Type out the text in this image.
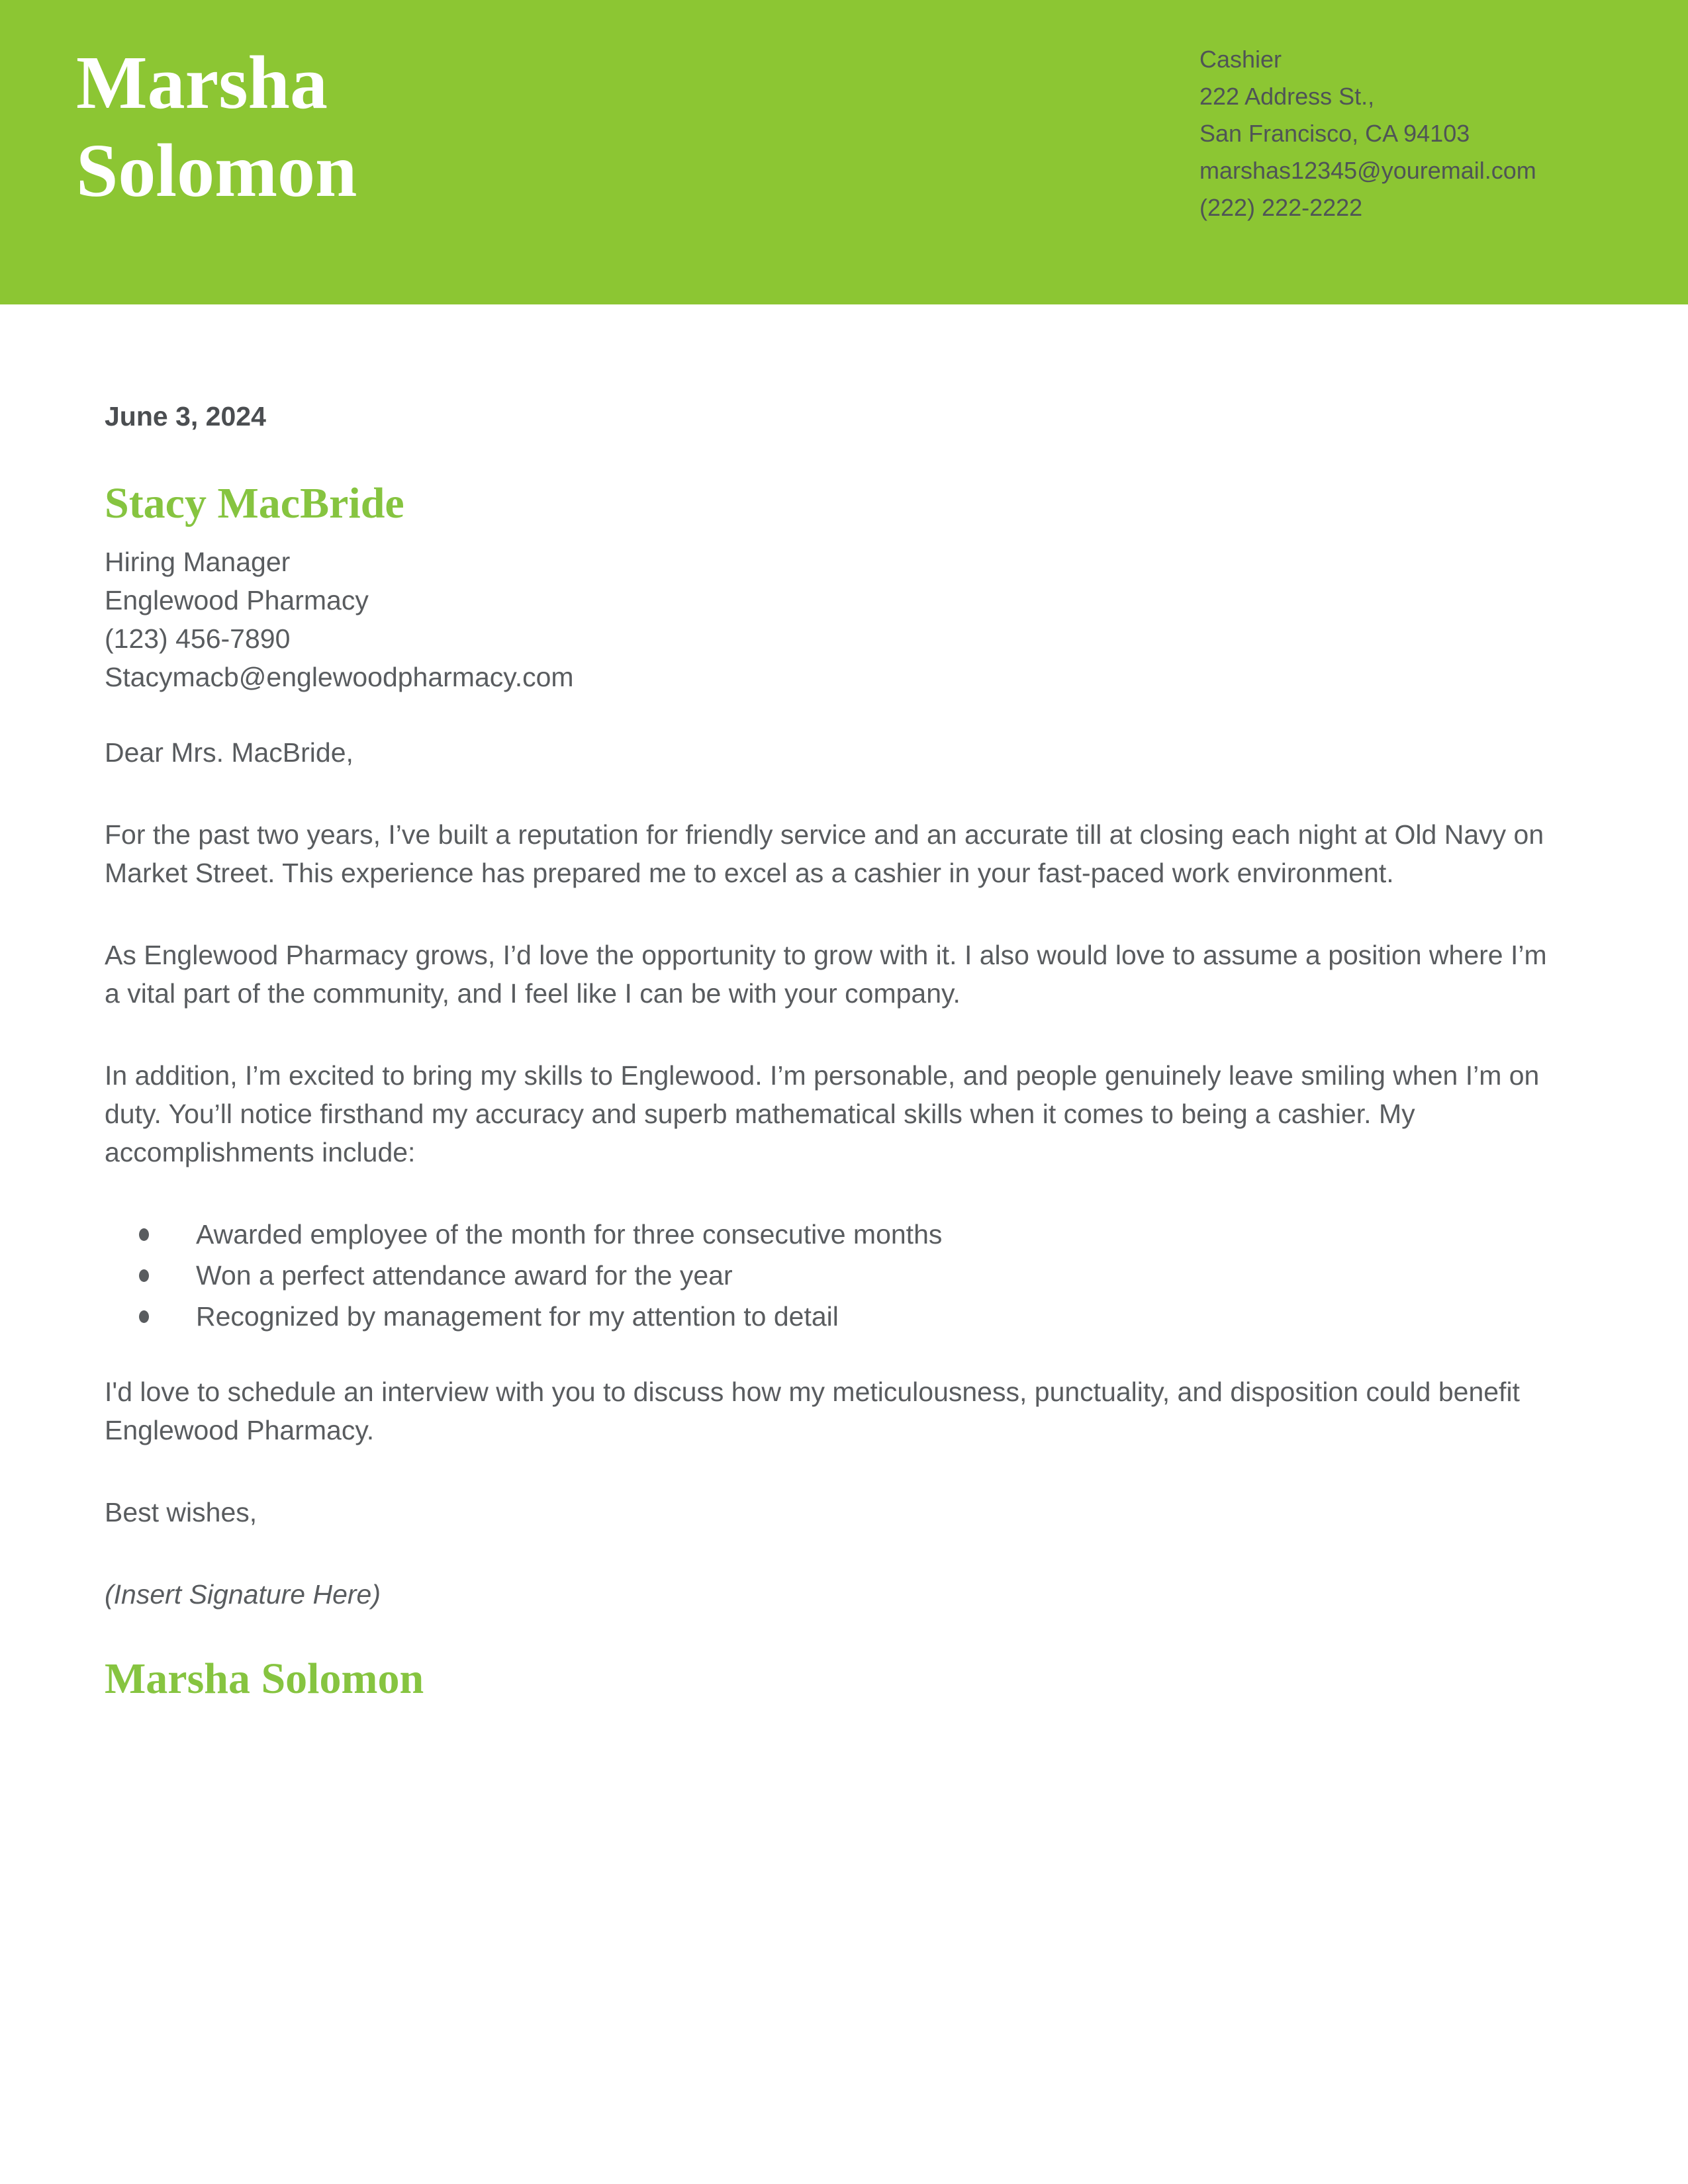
Marsha
Solomon
Cashier
222 Address St.,
San Francisco, CA 94103
marshas12345@youremail.com
(222) 222-2222

June 3, 2024

Stacy MacBride

Hiring Manager

Englewood Pharmacy

(123) 456-7890

Stacymacb@englewoodpharmacy.com

Dear Mrs. MacBride,

For the past two years, I’ve built a reputation for friendly service and an accurate till at closing each night at Old Navy on Market Street. This experience has prepared me to excel as a cashier in your fast-paced work environment.

As Englewood Pharmacy grows, I’d love the opportunity to grow with it. I also would love to assume a position where I’m a vital part of the community, and I feel like I can be with your company.

In addition, I’m excited to bring my skills to Englewood. I’m personable, and people genuinely leave smiling when I’m on duty. You’ll notice firsthand my accuracy and superb mathematical skills when it comes to being a cashier. My accomplishments include:

Awarded employee of the month for three consecutive months
Won a perfect attendance award for the year
Recognized by management for my attention to detail

I'd love to schedule an interview with you to discuss how my meticulousness, punctuality, and disposition could benefit Englewood Pharmacy.

Best wishes,

(Insert Signature Here)

Marsha Solomon
